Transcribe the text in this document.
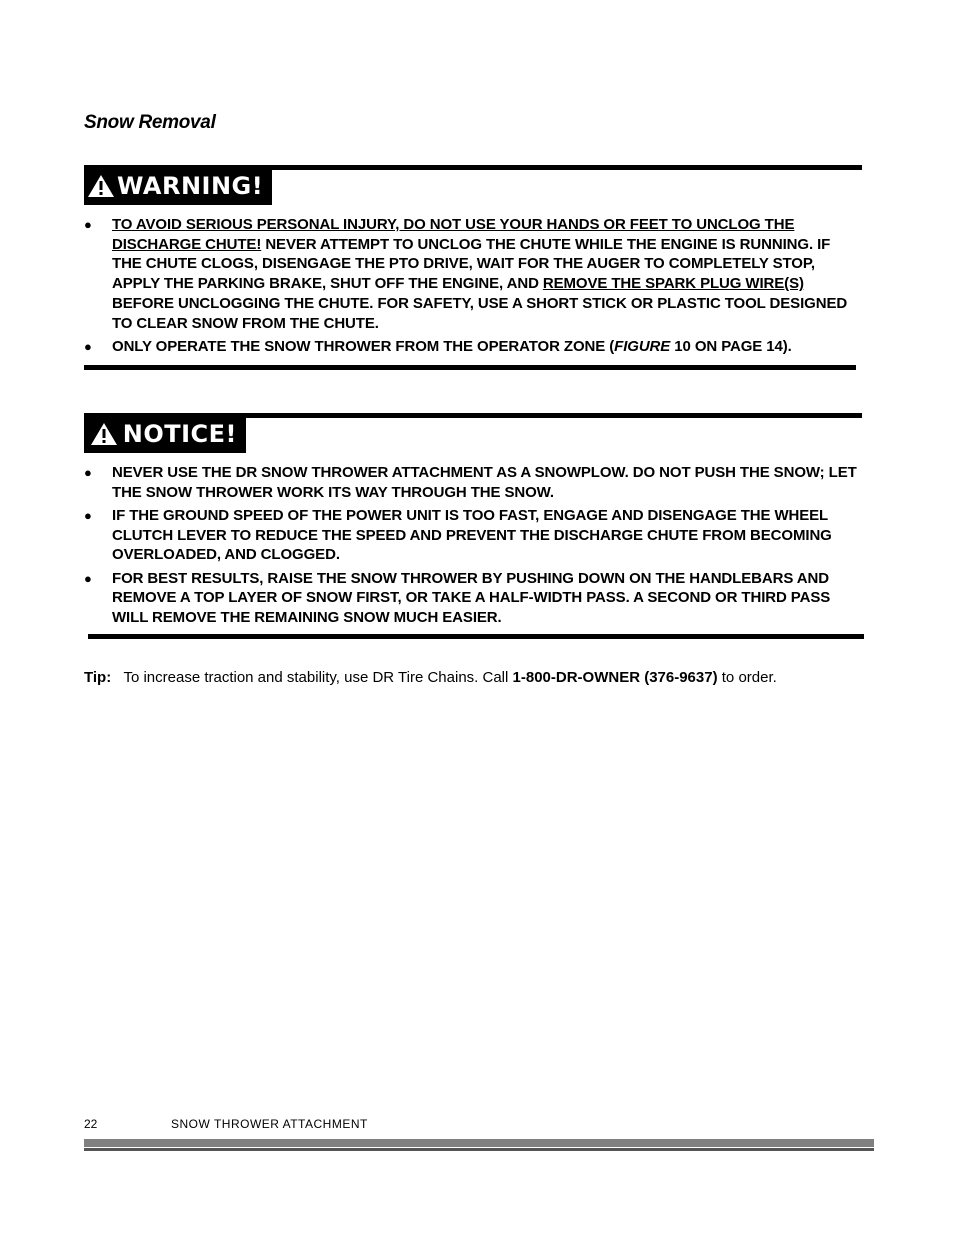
Snow Removal
WARNING!
● TO AVOID SERIOUS PERSONAL INJURY, DO NOT USE YOUR HANDS OR FEET TO UNCLOG THE DISCHARGE CHUTE! NEVER ATTEMPT TO UNCLOG THE CHUTE WHILE THE ENGINE IS RUNNING. IF THE CHUTE CLOGS, DISENGAGE THE PTO DRIVE, WAIT FOR THE AUGER TO COMPLETELY STOP, APPLY THE PARKING BRAKE, SHUT OFF THE ENGINE, AND REMOVE THE SPARK PLUG WIRE(S) BEFORE UNCLOGGING THE CHUTE. FOR SAFETY, USE A SHORT STICK OR PLASTIC TOOL DESIGNED TO CLEAR SNOW FROM THE CHUTE.
● ONLY OPERATE THE SNOW THROWER FROM THE OPERATOR ZONE (FIGURE 10 ON PAGE 14).
NOTICE!
● NEVER USE THE DR SNOW THROWER ATTACHMENT AS A SNOWPLOW. DO NOT PUSH THE SNOW; LET THE SNOW THROWER WORK ITS WAY THROUGH THE SNOW.
● IF THE GROUND SPEED OF THE POWER UNIT IS TOO FAST, ENGAGE AND DISENGAGE THE WHEEL CLUTCH LEVER TO REDUCE THE SPEED AND PREVENT THE DISCHARGE CHUTE FROM BECOMING OVERLOADED, AND CLOGGED.
● FOR BEST RESULTS, RAISE THE SNOW THROWER BY PUSHING DOWN ON THE HANDLEBARS AND REMOVE A TOP LAYER OF SNOW FIRST, OR TAKE A HALF-WIDTH PASS. A SECOND OR THIRD PASS WILL REMOVE THE REMAINING SNOW MUCH EASIER.
Tip: To increase traction and stability, use DR Tire Chains. Call 1-800-DR-OWNER (376-9637) to order.
22	SNOW THROWER ATTACHMENT
